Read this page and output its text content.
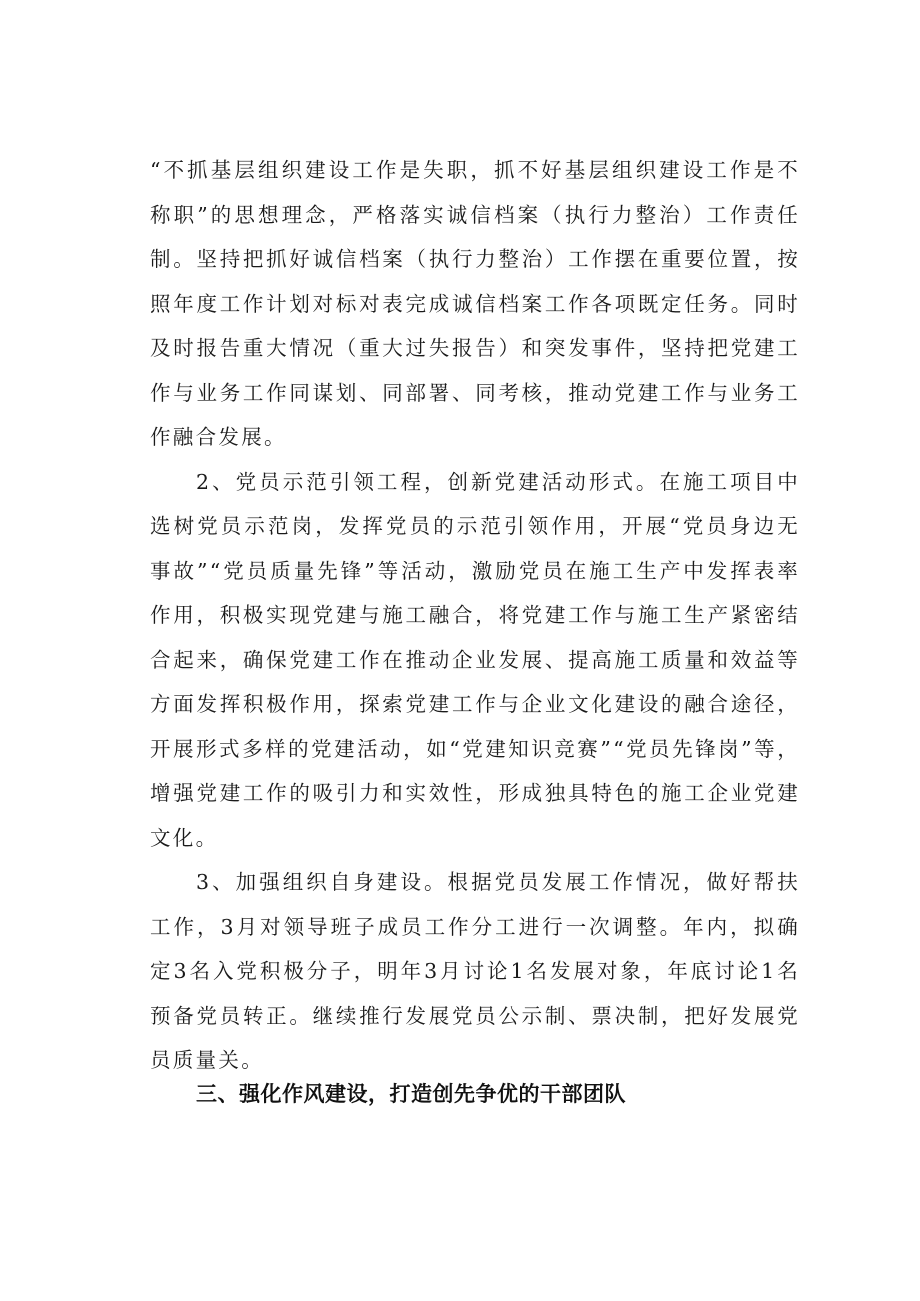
“不抓基层组织建设工作是失职，抓不好基层组织建设工作是不称职”的思想理念，严格落实诚信档案（执行力整治）工作责任制。坚持把抓好诚信档案（执行力整治）工作摆在重要位置，按照年度工作计划对标对表完成诚信档案工作各项既定任务。同时及时报告重大情况（重大过失报告）和突发事件，坚持把党建工作与业务工作同谋划、同部署、同考核，推动党建工作与业务工作融合发展。

2、党员示范引领工程，创新党建活动形式。在施工项目中选树党员示范岗，发挥党员的示范引领作用，开展“党员身边无事故”“党员质量先锋”等活动，激励党员在施工生产中发挥表率作用，积极实现党建与施工融合，将党建工作与施工生产紧密结合起来，确保党建工作在推动企业发展、提高施工质量和效益等方面发挥积极作用，探索党建工作与企业文化建设的融合途径，开展形式多样的党建活动，如“党建知识竞赛”“党员先锋岗”等，增强党建工作的吸引力和实效性，形成独具特色的施工企业党建文化。

3、加强组织自身建设。根据党员发展工作情况，做好帮扶工作，3月对领导班子成员工作分工进行一次调整。年内，拟确定3名入党积极分子，明年3月讨论1名发展对象，年底讨论1名预备党员转正。继续推行发展党员公示制、票决制，把好发展党员质量关。

三、强化作风建设，打造创先争优的干部团队
